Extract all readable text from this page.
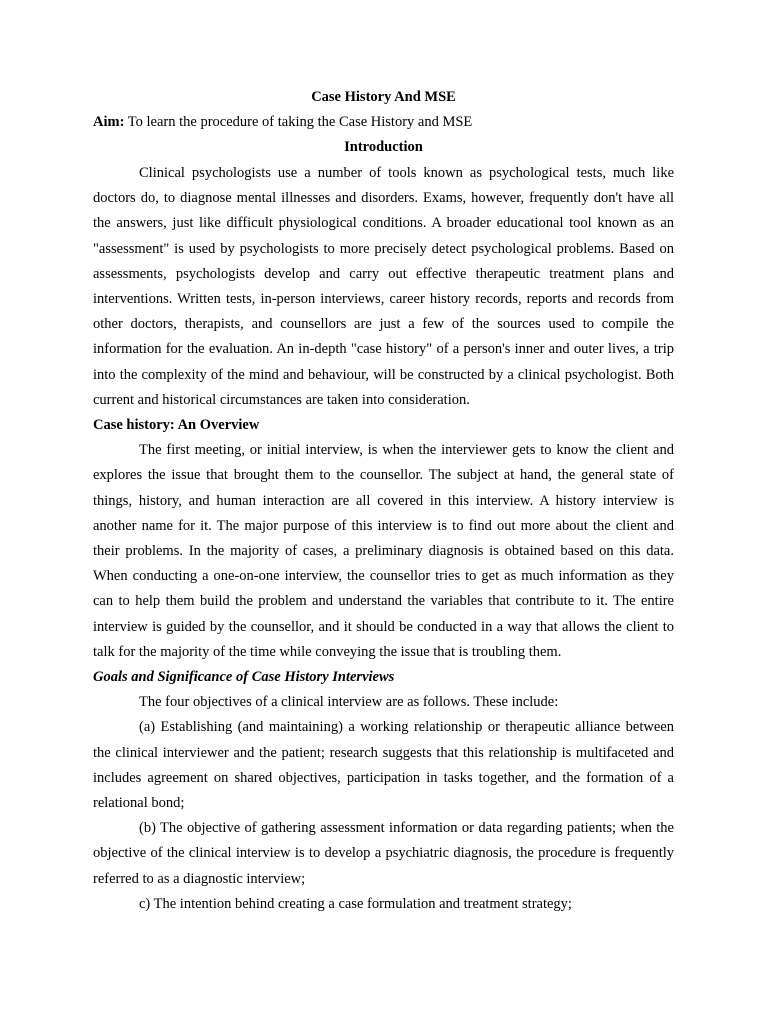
Case History And MSE

Aim: To learn the procedure of taking the Case History and MSE

Introduction

Clinical psychologists use a number of tools known as psychological tests, much like doctors do, to diagnose mental illnesses and disorders. Exams, however, frequently don't have all the answers, just like difficult physiological conditions. A broader educational tool known as an "assessment" is used by psychologists to more precisely detect psychological problems. Based on assessments, psychologists develop and carry out effective therapeutic treatment plans and interventions. Written tests, in-person interviews, career history records, reports and records from other doctors, therapists, and counsellors are just a few of the sources used to compile the information for the evaluation. An in-depth "case history" of a person's inner and outer lives, a trip into the complexity of the mind and behaviour, will be constructed by a clinical psychologist. Both current and historical circumstances are taken into consideration.

Case history: An Overview

The first meeting, or initial interview, is when the interviewer gets to know the client and explores the issue that brought them to the counsellor. The subject at hand, the general state of things, history, and human interaction are all covered in this interview. A history interview is another name for it. The major purpose of this interview is to find out more about the client and their problems. In the majority of cases, a preliminary diagnosis is obtained based on this data. When conducting a one-on-one interview, the counsellor tries to get as much information as they can to help them build the problem and understand the variables that contribute to it. The entire interview is guided by the counsellor, and it should be conducted in a way that allows the client to talk for the majority of the time while conveying the issue that is troubling them.

Goals and Significance of Case History Interviews

The four objectives of a clinical interview are as follows. These include:

(a) Establishing (and maintaining) a working relationship or therapeutic alliance between the clinical interviewer and the patient; research suggests that this relationship is multifaceted and includes agreement on shared objectives, participation in tasks together, and the formation of a relational bond;

(b) The objective of gathering assessment information or data regarding patients; when the objective of the clinical interview is to develop a psychiatric diagnosis, the procedure is frequently referred to as a diagnostic interview;

c) The intention behind creating a case formulation and treatment strategy;
